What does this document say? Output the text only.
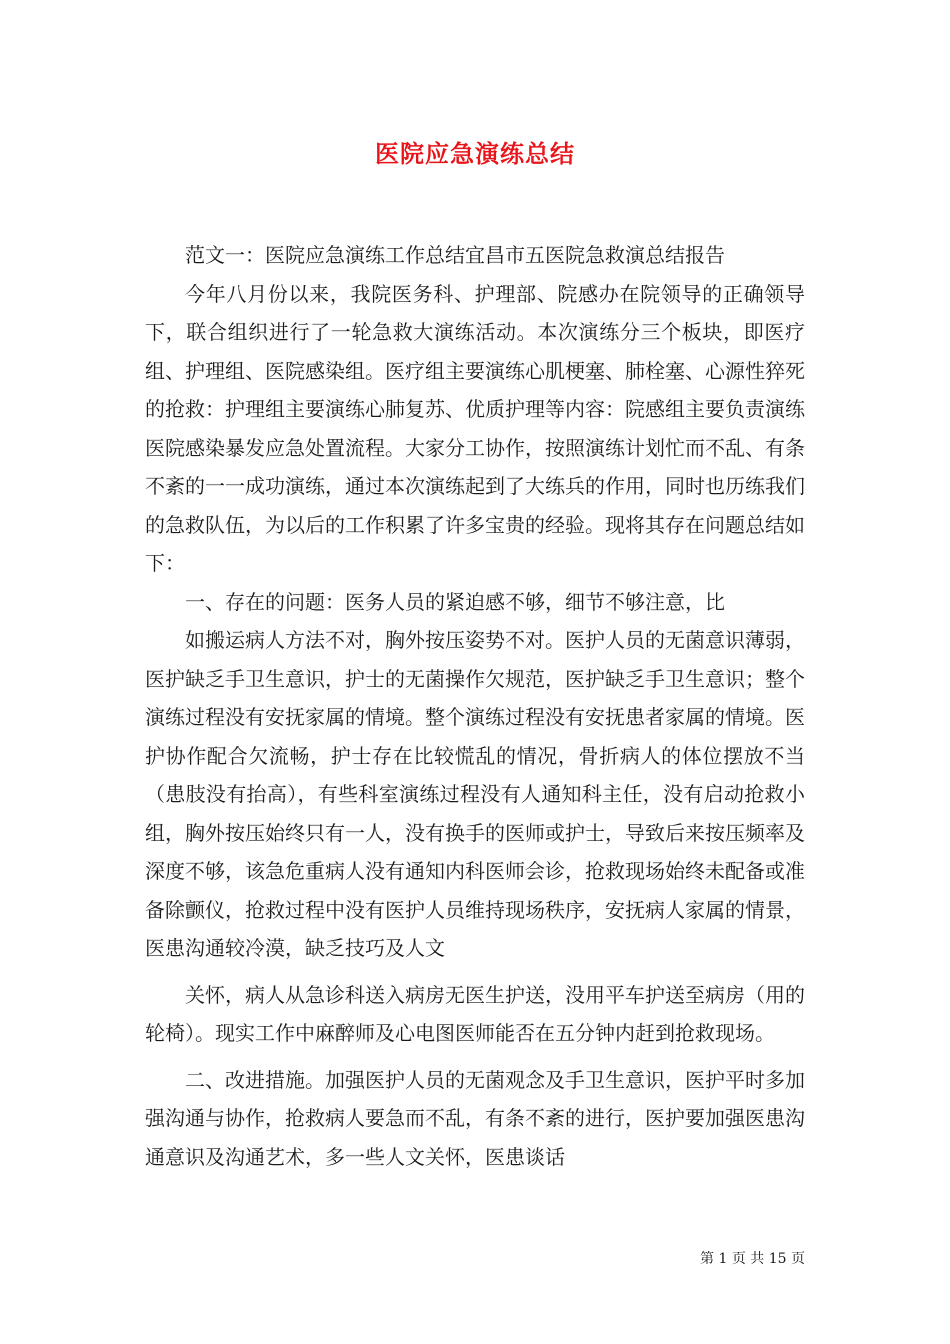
医院应急演练总结

范文一：医院应急演练工作总结宜昌市五医院急救演总结报告

今年八月份以来，我院医务科、护理部、院感办在院领导的正确领导下，联合组织进行了一轮急救大演练活动。本次演练分三个板块，即医疗组、护理组、医院感染组。医疗组主要演练心肌梗塞、肺栓塞、心源性猝死的抢救：护理组主要演练心肺复苏、优质护理等内容：院感组主要负责演练医院感染暴发应急处置流程。大家分工协作，按照演练计划忙而不乱、有条不紊的一一成功演练，通过本次演练起到了大练兵的作用，同时也历练我们的急救队伍，为以后的工作积累了许多宝贵的经验。现将其存在问题总结如下：

一、存在的问题：医务人员的紧迫感不够，细节不够注意，比

如搬运病人方法不对，胸外按压姿势不对。医护人员的无菌意识薄弱，医护缺乏手卫生意识，护士的无菌操作欠规范，医护缺乏手卫生意识；整个演练过程没有安抚家属的情境。整个演练过程没有安抚患者家属的情境。医护协作配合欠流畅，护士存在比较慌乱的情况，骨折病人的体位摆放不当（患肢没有抬高），有些科室演练过程没有人通知科主任，没有启动抢救小组，胸外按压始终只有一人，没有换手的医师或护士，导致后来按压频率及深度不够，该急危重病人没有通知内科医师会诊，抢救现场始终未配备或准备除颤仪，抢救过程中没有医护人员维持现场秩序，安抚病人家属的情景，医患沟通较冷漠，缺乏技巧及人文

关怀，病人从急诊科送入病房无医生护送，没用平车护送至病房（用的轮椅）。现实工作中麻醉师及心电图医师能否在五分钟内赶到抢救现场。

二、改进措施。加强医护人员的无菌观念及手卫生意识，医护平时多加强沟通与协作，抢救病人要急而不乱，有条不紊的进行，医护要加强医患沟通意识及沟通艺术，多一些人文关怀，医患谈话

第 1 页 共 15 页
